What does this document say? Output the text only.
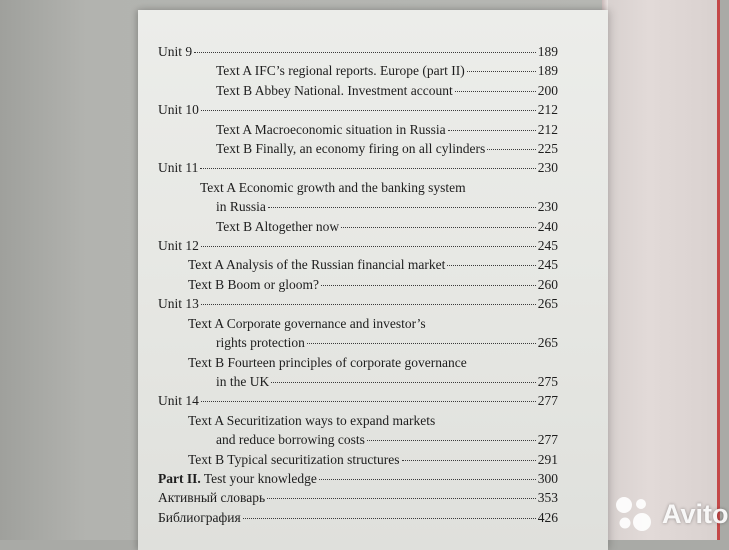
Unit 9	189
Text A IFC’s regional reports. Europe (part II)	189
Text B Abbey National. Investment account	200
Unit 10	212
Text A Macroeconomic situation in Russia	212
Text B Finally, an economy firing on all cylinders	225
Unit 11	230
Text A Economic growth and the banking system
in Russia	230
Text B Altogether now	240
Unit 12	245
Text A Analysis of the Russian financial market	245
Text B Boom or gloom?	260
Unit 13	265
Text A Corporate governance and investor’s
rights protection	265
Text B Fourteen principles of corporate governance
in the UK	275
Unit 14	277
Text A Securitization ways to expand markets
and reduce borrowing costs	277
Text B Typical securitization structures	291
Part II. Test your knowledge	300
Активный словарь	353
Библиография	426	Avito
